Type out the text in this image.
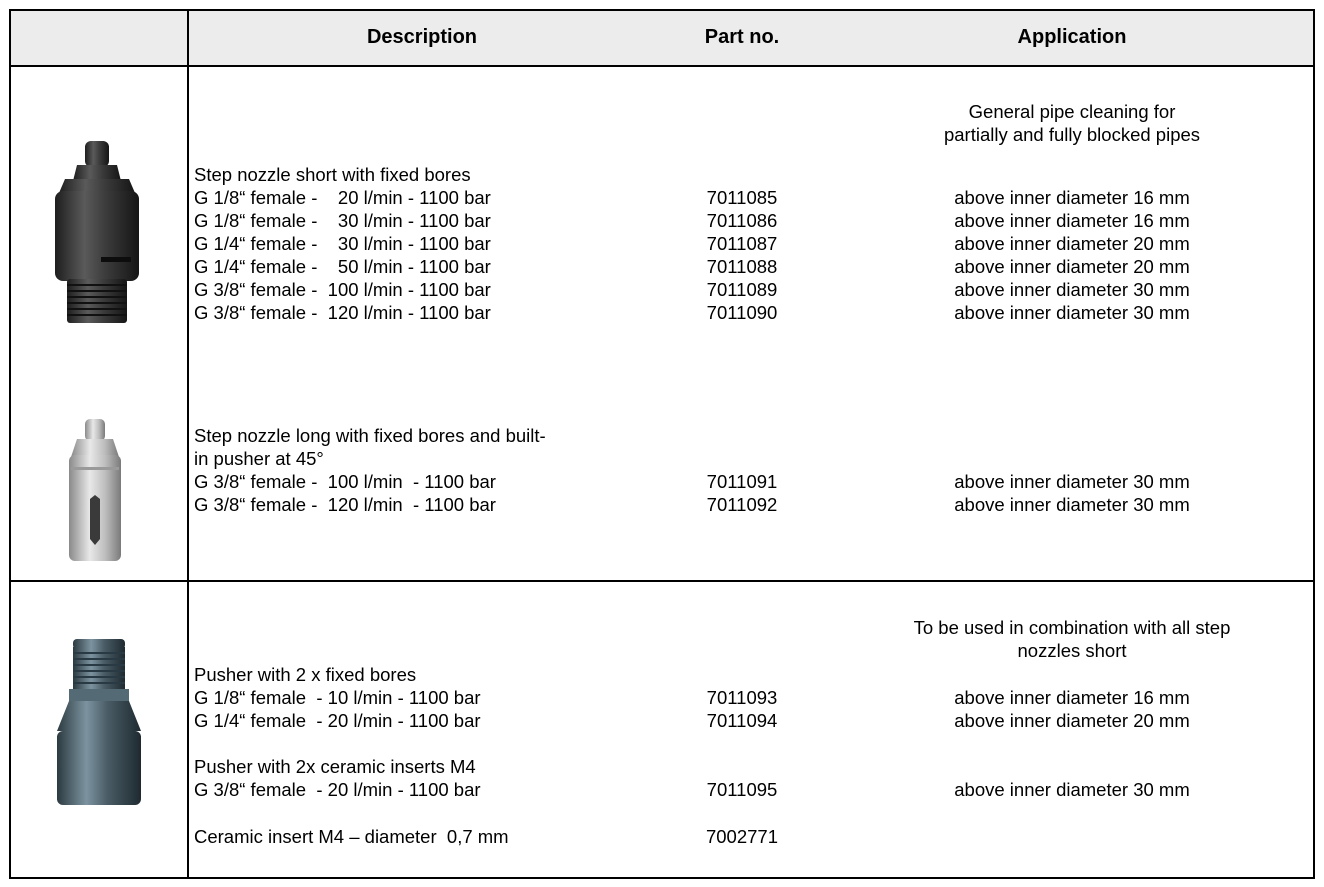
Description	Part no.	Application
General pipe cleaning for
partially and fully blocked pipes
Step nozzle short with fixed bores
G 1/8“ female -    20 l/min - 1100 bar	7011085	above inner diameter 16 mm
G 1/8“ female -    30 l/min - 1100 bar	7011086	above inner diameter 16 mm
G 1/4“ female -    30 l/min - 1100 bar	7011087	above inner diameter 20 mm
G 1/4“ female -    50 l/min - 1100 bar	7011088	above inner diameter 20 mm
G 3/8“ female -  100 l/min - 1100 bar	7011089	above inner diameter 30 mm
G 3/8“ female -  120 l/min - 1100 bar	7011090	above inner diameter 30 mm
Step nozzle long with fixed bores and built-
in pusher at 45°
G 3/8“ female -  100 l/min  - 1100 bar	7011091	above inner diameter 30 mm
G 3/8“ female -  120 l/min  - 1100 bar	7011092	above inner diameter 30 mm
To be used in combination with all step
nozzles short
Pusher with 2 x fixed bores
G 1/8“ female  - 10 l/min - 1100 bar	7011093	above inner diameter 16 mm
G 1/4“ female  - 20 l/min - 1100 bar	7011094	above inner diameter 20 mm
Pusher with 2x ceramic inserts M4
G 3/8“ female  - 20 l/min - 1100 bar	7011095	above inner diameter 30 mm
Ceramic insert M4 – diameter  0,7 mm	7002771
